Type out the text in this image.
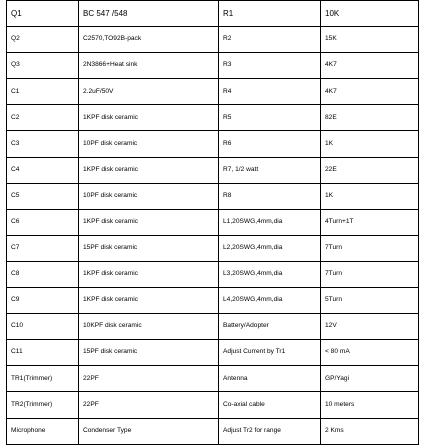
Q1	BC 547 /548	R1	10K
Q2	C2570,TO92B-pack	R2	15K
Q3	2N3866+Heat sink	R3	4K7
C1	2.2uF/50V	R4	4K7
C2	1KPF disk ceramic	R5	82E
C3	10PF disk ceramic	R6	1K
C4	1KPF disk ceramic	R7, 1/2 watt	22E
C5	10PF disk ceramic	R8	1K
C6	1KPF disk ceramic	L1,20SWG,4mm,dia	4Turn+1T
C7	15PF disk ceramic	L2,20SWG,4mm,dia	7Turn
C8	1KPF disk ceramic	L3,20SWG,4mm,dia	7Turn
C9	1KPF disk ceramic	L4,20SWG,4mm,dia	5Turn
C10	10KPF disk ceramic	Battery/Adopter	12V
C11	15PF disk ceramic	Adjust Current by Tr1	< 80 mA
TR1(Trimmer)	22PF	Antenna	GP/Yagi
TR2(Trimmer)	22PF	Co-axial cable	10 meters
Microphone	Condenser Type	Adjust Tr2 for range	2 Kms
